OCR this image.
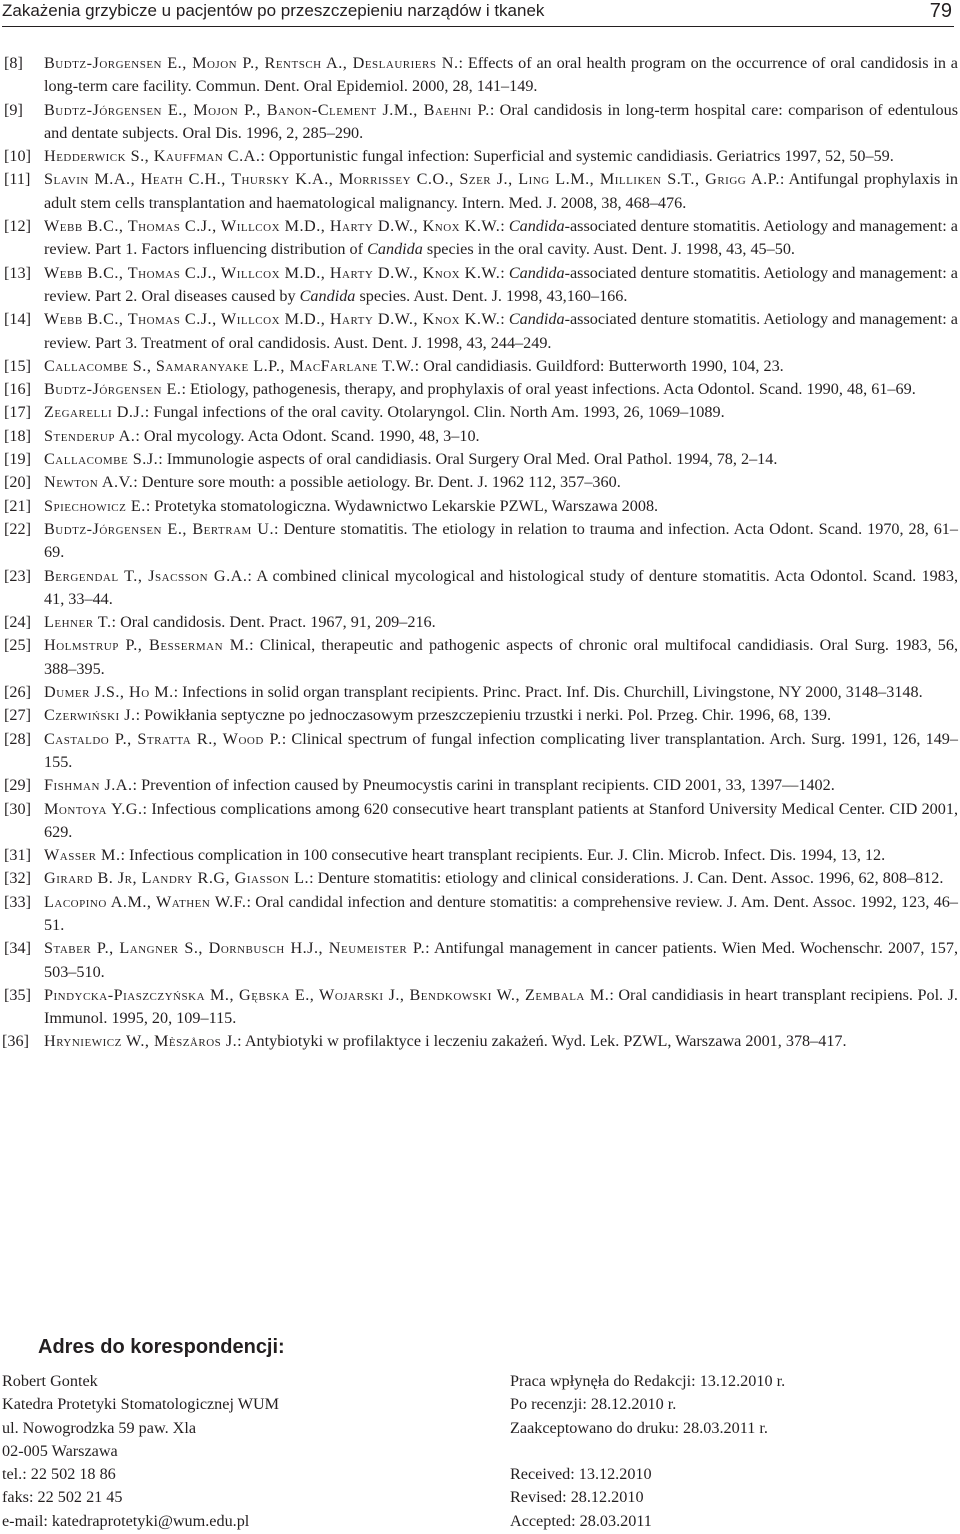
Zakażenia grzybicze u pacjentów po przeszczepieniu narządów i tkanek	79

[8] Budtz-Jorgensen E., Mojon P., Rentsch A., Deslauriers N.: Effects of an oral health program on the occurrence of oral candidosis in a long-term care facility. Commun. Dent. Oral Epidemiol. 2000, 28, 141–149.

[9] Budtz-Jórgensen E., Mojon P., Banon-Clement J.M., Baehni P.: Oral candidosis in long-term hospital care: comparison of edentulous and dentate subjects. Oral Dis. 1996, 2, 285–290.

[10] Hedderwick S., Kauffman C.A.: Opportunistic fungal infection: Superficial and systemic candidiasis. Geriatrics 1997, 52, 50–59.

[11] Slavin M.A., Heath C.H., Thursky K.A., Morrissey C.O., Szer J., Ling L.M., Milliken S.T., Grigg A.P.: Antifungal prophylaxis in adult stem cells transplantation and haematological malignancy. Intern. Med. J. 2008, 38, 468–476.

[12] Webb B.C., Thomas C.J., Willcox M.D., Harty D.W., Knox K.W.: Candida-associated denture stomatitis. Aetiology and management: a review. Part 1. Factors influencing distribution of Candida species in the oral cavity. Aust. Dent. J. 1998, 43, 45–50.

[13] Webb B.C., Thomas C.J., Willcox M.D., Harty D.W., Knox K.W.: Candida-associated denture stomatitis. Aetiology and management: a review. Part 2. Oral diseases caused by Candida species. Aust. Dent. J. 1998, 43,160–166.

[14] Webb B.C., Thomas C.J., Willcox M.D., Harty D.W., Knox K.W.: Candida-associated denture stomatitis. Aetiology and management: a review. Part 3. Treatment of oral candidosis. Aust. Dent. J. 1998, 43, 244–249.

[15] Callacombe S., Samaranyake L.P., MacFarlane T.W.: Oral candidiasis. Guildford: Butterworth 1990, 104, 23.

[16] Budtz-Jórgensen E.: Etiology, pathogenesis, therapy, and prophylaxis of oral yeast infections. Acta Odontol. Scand. 1990, 48, 61–69.

[17] Zegarelli D.J.: Fungal infections of the oral cavity. Otolaryngol. Clin. North Am. 1993, 26, 1069–1089.

[18] Stenderup A.: Oral mycology. Acta Odont. Scand. 1990, 48, 3–10.

[19] Callacombe S.J.: Immunologie aspects of oral candidiasis. Oral Surgery Oral Med. Oral Pathol. 1994, 78, 2–14.

[20] Newton A.V.: Denture sore mouth: a possible aetiology. Br. Dent. J. 1962 112, 357–360.

[21] Spiechowicz E.: Protetyka stomatologiczna. Wydawnictwo Lekarskie PZWL, Warszawa 2008.

[22] Budtz-Jórgensen E., Bertram U.: Denture stomatitis. The etiology in relation to trauma and infection. Acta Odont. Scand. 1970, 28, 61–69.

[23] Bergendal T., Jsacsson G.A.: A combined clinical mycological and histological study of denture stomatitis. Acta Odontol. Scand. 1983, 41, 33–44.

[24] Lehner T.: Oral candidosis. Dent. Pract. 1967, 91, 209–216.

[25] Holmstrup P., Besserman M.: Clinical, therapeutic and pathogenic aspects of chronic oral multifocal candidiasis. Oral Surg. 1983, 56, 388–395.

[26] Dumer J.S., Ho M.: Infections in solid organ transplant recipients. Princ. Pract. Inf. Dis. Churchill, Livingstone, NY 2000, 3148–3148.

[27] Czerwiński J.: Powikłania septyczne po jednoczasowym przeszczepieniu trzustki i nerki. Pol. Przeg. Chir. 1996, 68, 139.

[28] Castaldo P., Stratta R., Wood P.: Clinical spectrum of fungal infection complicating liver transplantation. Arch. Surg. 1991, 126, 149–155.

[29] Fishman J.A.: Prevention of infection caused by Pneumocystis carini in transplant recipients. CID 2001, 33, 1397––1402.

[30] Montoya Y.G.: Infectious complications among 620 consecutive heart transplant patients at Stanford University Medical Center. CID 2001, 629.

[31] Wasser M.: Infectious complication in 100 consecutive heart transplant recipients. Eur. J. Clin. Microb. Infect. Dis. 1994, 13, 12.

[32] Girard B. Jr, Landry R.G, Giasson L.: Denture stomatitis: etiology and clinical considerations. J. Can. Dent. Assoc. 1996, 62, 808–812.

[33] Lacopino A.M., Wathen W.F.: Oral candidal infection and denture stomatitis: a comprehensive review. J. Am. Dent. Assoc. 1992, 123, 46–51.

[34] Staber P., Langner S., Dornbusch H.J., Neumeister P.: Antifungal management in cancer patients. Wien Med. Wochenschr. 2007, 157, 503–510.

[35] Pindycka-Piaszczyńska M., Gębska E., Wojarski J., Bendkowski W., Zembala M.: Oral candidiasis in heart transplant recipiens. Pol. J. Immunol. 1995, 20, 109–115.

[36] Hryniewicz W., Mèszåros J.: Antybiotyki w profilaktyce i leczeniu zakażeń. Wyd. Lek. PZWL, Warszawa 2001, 378–417.

Adres do korespondencji:
Robert Gontek
Katedra Protetyki Stomatologicznej WUM
ul. Nowogrodzka 59 paw. Xla
02-005 Warszawa
tel.: 22 502 18 86
faks: 22 502 21 45
e-mail: katedraprotetyki@wum.edu.pl
Praca wpłynęła do Redakcji: 13.12.2010 r.
Po recenzji: 28.12.2010 r.
Zaakceptowano do druku: 28.03.2011 r.
Received: 13.12.2010
Revised: 28.12.2010
Accepted: 28.03.2011
